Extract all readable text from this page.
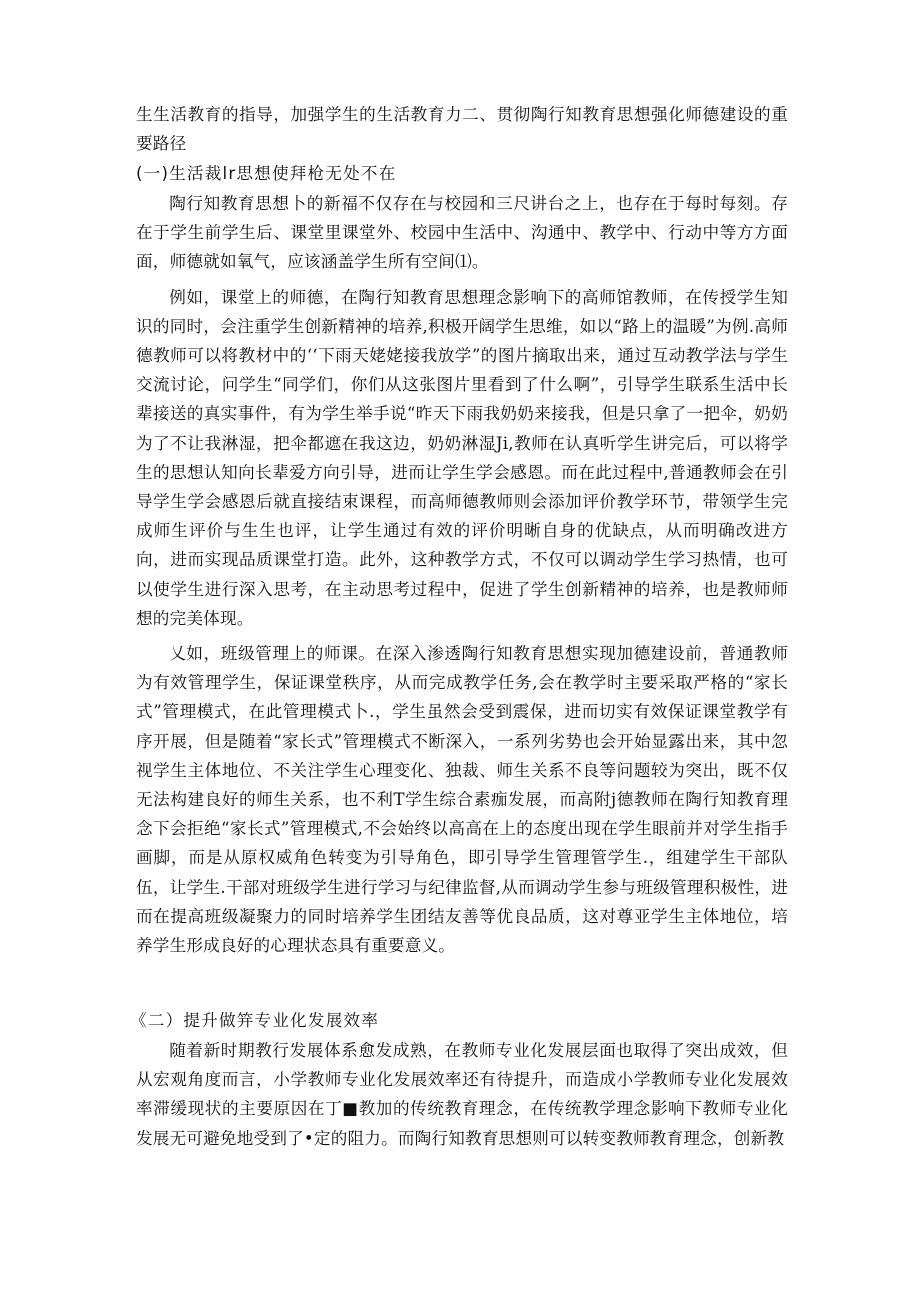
生生活教育的指导，加强学生的生活教育力二、贯彻陶行知教育思想强化师德建设的重要路径

(一)生活裁lr思想使拜枪无处不在

陶行知教育思想卜的新福不仅存在与校园和三尺讲台之上，也存在于每时每刻。存在于学生前学生后、课堂里课堂外、校园中生活中、沟通中、教学中、行动中等方方面面，师德就如氧气，应该涵盖学生所有空间⑴。

例如，课堂上的师德，在陶行知教育思想理念影响下的高师馆教师，在传授学生知识的同时，会注重学生创新精神的培养,积极开阔学生思维，如以“路上的温暖”为例.高师德教师可以将教材中的‘‘下雨天姥姥接我放学”的图片摘取出来，通过互动教学法与学生交流讨论，问学生“同学们，你们从这张图片里看到了什么啊”，引导学生联系生活中长辈接送的真实事件，有为学生举手说“昨天下雨我奶奶来接我，但是只拿了一把伞，奶奶为了不让我淋湿，把伞都遮在我这边，奶奶淋湿Ji,教师在认真听学生讲完后，可以将学生的思想认知向长辈爱方向引导，进而让学生学会感恩。而在此过程中,普通教师会在引导学生学会感恩后就直接结束课程，而高师德教师则会添加评价教学环节，带领学生完成师生评价与生生也评，让学生通过有效的评价明晰自身的优缺点，从而明确改进方向，进而实现品质课堂打造。此外，这种教学方式，不仅可以调动学生学习热情，也可以使学生进行深入思考，在主动思考过程中，促进了学生创新精神的培养，也是教师师想的完美体现。

乂如，班级管理上的师课。在深入渗透陶行知教育思想实现加德建设前，普通教师为有效管理学生，保证课堂秩序，从而完成教学任务,会在教学时主要采取严格的“家长式”管理模式，在此管理模式卜.，学生虽然会受到震保，进而切实有效保证课堂教学有序开展，但是随着“家长式”管理模式不断深入，一系列劣势也会开始显露出来，其中忽视学生主体地位、不关注学生心理变化、独裁、师生关系不良等问题较为突出，既不仅无法构建良好的师生关系，也不利T学生综合素痂发展，而高附j德教师在陶行知教育理念下会拒绝“家长式”管理模式,不会始终以高高在上的态度出现在学生眼前并对学生指手画脚，而是从原权威角色转变为引导角色，即引导学生管理管学生.，组建学生干部队伍，让学生.干部对班级学生进行学习与纪律监督,从而调动学生参与班级管理积极性，进而在提高班级凝聚力的同时培养学生团结友善等优良品质，这对尊亚学生主体地位，培养学生形成良好的心理状态具有重要意义。

《二）提升做笄专业化发展效率

随着新时期教行发展体系愈发成熟，在教师专业化发展层面也取得了突出成效，但从宏观角度而言，小学教师专业化发展效率还有待提升，而造成小学教师专业化发展效率滞缓现状的主要原因在丁■教加的传统教育理念，在传统教学理念影响下教师专业化发展无可避免地受到了•定的阻力。而陶行知教育思想则可以转变教师教育理念，创新教
